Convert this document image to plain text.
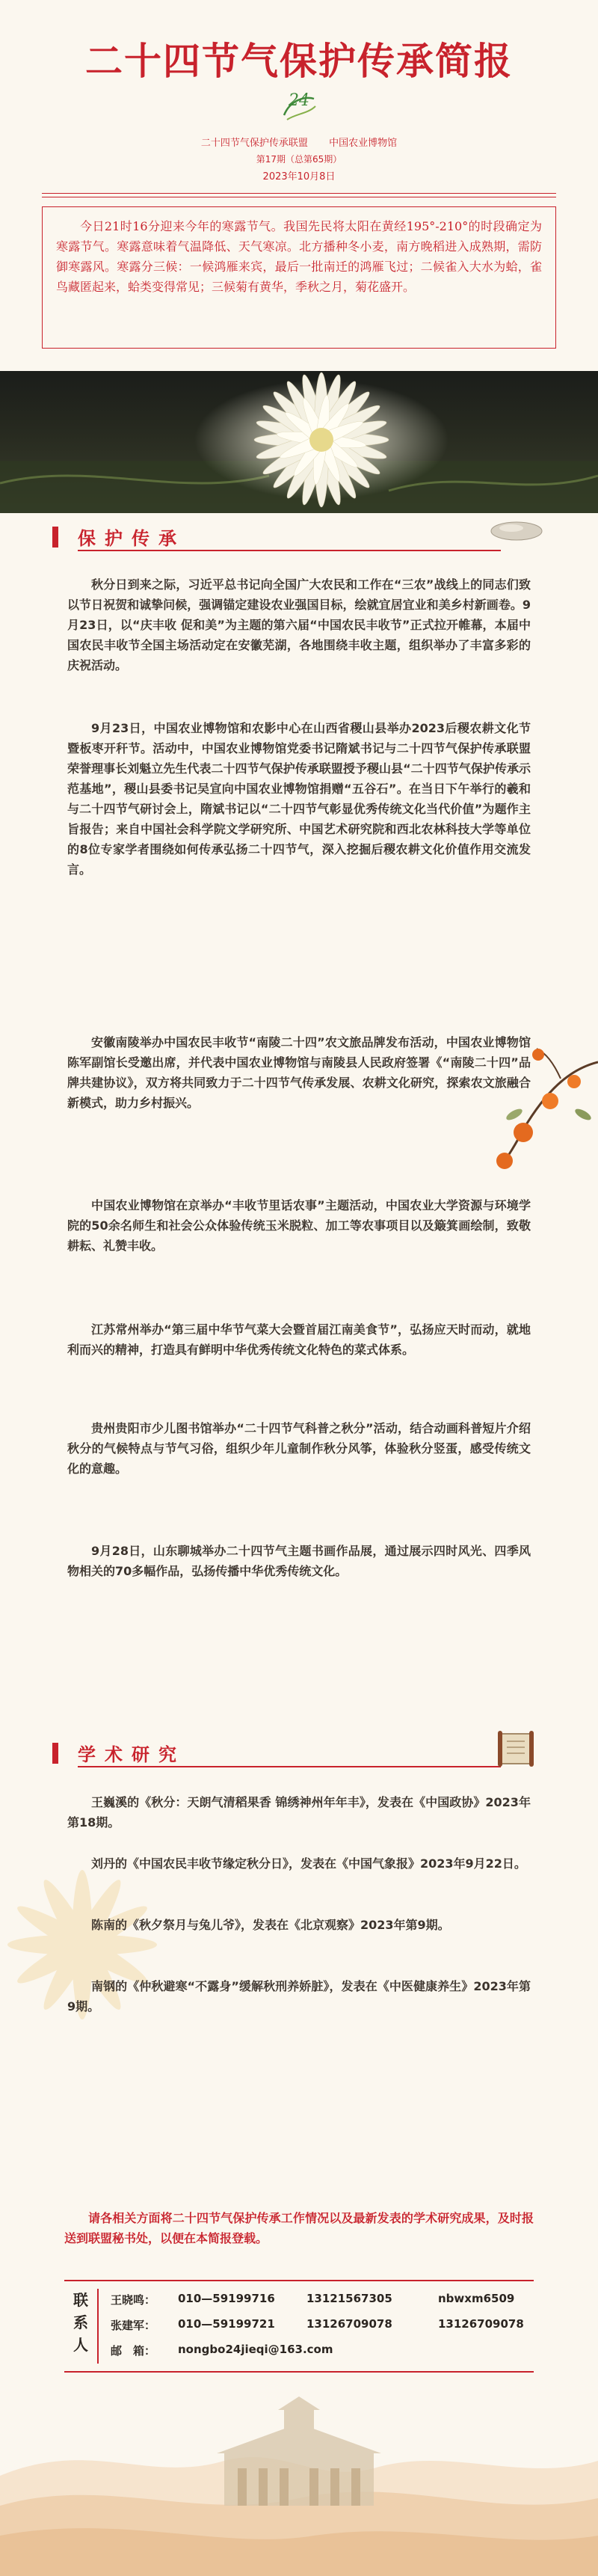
二十四节气保护传承简报
24
二十四节气保护传承联盟 中国农业博物馆
第17期（总第65期）
2023年10月8日

今日21时16分迎来今年的寒露节气。我国先民将太阳在黄经195°-210°的时段确定为寒露节气。寒露意味着气温降低、天气寒凉。北方播种冬小麦，南方晚稻进入成熟期，需防御寒露风。寒露分三候：一候鸿雁来宾，最后一批南迁的鸿雁飞过；二候雀入大水为蛤，雀鸟藏匿起来，蛤类变得常见；三候菊有黄华，季秋之月，菊花盛开。

保护传承

秋分日到来之际，习近平总书记向全国广大农民和工作在“三农”战线上的同志们致以节日祝贺和诚挚问候，强调锚定建设农业强国目标，绘就宜居宜业和美乡村新画卷。9月23日，以“庆丰收 促和美”为主题的第六届“中国农民丰收节”正式拉开帷幕，本届中国农民丰收节全国主场活动定在安徽芜湖，各地围绕丰收主题，组织举办了丰富多彩的庆祝活动。

9月23日，中国农业博物馆和农影中心在山西省稷山县举办2023后稷农耕文化节暨板枣开秆节。活动中，中国农业博物馆党委书记隋斌书记与二十四节气保护传承联盟荣誉理事长刘魁立先生代表二十四节气保护传承联盟授予稷山县“二十四节气保护传承示范基地”，稷山县委书记吴宣向中国农业博物馆捐赠“五谷石”。在当日下午举行的羲和与二十四节气研讨会上，隋斌书记以“二十四节气彰显优秀传统文化当代价值”为题作主旨报告；来自中国社会科学院文学研究所、中国艺术研究院和西北农林科技大学等单位的8位专家学者围绕如何传承弘扬二十四节气，深入挖掘后稷农耕文化价值作用交流发言。

安徽南陵举办中国农民丰收节“南陵二十四”农文旅品牌发布活动，中国农业博物馆陈军副馆长受邀出席，并代表中国农业博物馆与南陵县人民政府签署《“南陵二十四”品牌共建协议》，双方将共同致力于二十四节气传承发展、农耕文化研究，探索农文旅融合新模式，助力乡村振兴。

中国农业博物馆在京举办“丰收节里话农事”主题活动，中国农业大学资源与环境学院的50余名师生和社会公众体验传统玉米脱粒、加工等农事项目以及簸箕画绘制，致敬耕耘、礼赞丰收。

江苏常州举办“第三届中华节气菜大会暨首届江南美食节”，弘扬应天时而动，就地利而兴的精神，打造具有鲜明中华优秀传统文化特色的菜式体系。

贵州贵阳市少儿图书馆举办“二十四节气科普之秋分”活动，结合动画科普短片介绍秋分的气候特点与节气习俗，组织少年儿童制作秋分风筝，体验秋分竖蛋，感受传统文化的意趣。

9月28日，山东聊城举办二十四节气主题书画作品展，通过展示四时风光、四季风物相关的70多幅作品，弘扬传播中华优秀传统文化。

学术研究

王巍溪的《秋分：天朗气清稻果香 锦绣神州年年丰》，发表在《中国政协》2023年第18期。

刘丹的《中国农民丰收节缘定秋分日》，发表在《中国气象报》2023年9月22日。

陈南的《秋夕祭月与兔儿爷》，发表在《北京观察》2023年第9期。

南钢的《仲秋避寒“不露身”缓解秋刑养娇脏》，发表在《中医健康养生》2023年第9期。

请各相关方面将二十四节气保护传承工作情况以及最新发表的学术研究成果，及时报送到联盟秘书处，以便在本简报登载。

联
系
人
王晓鸣：	010—59199716	13121567305	nbwxm6509
张建军：	010—59199721	13126709078	13126709078
邮　箱：	nongbo24jieqi@163.com
